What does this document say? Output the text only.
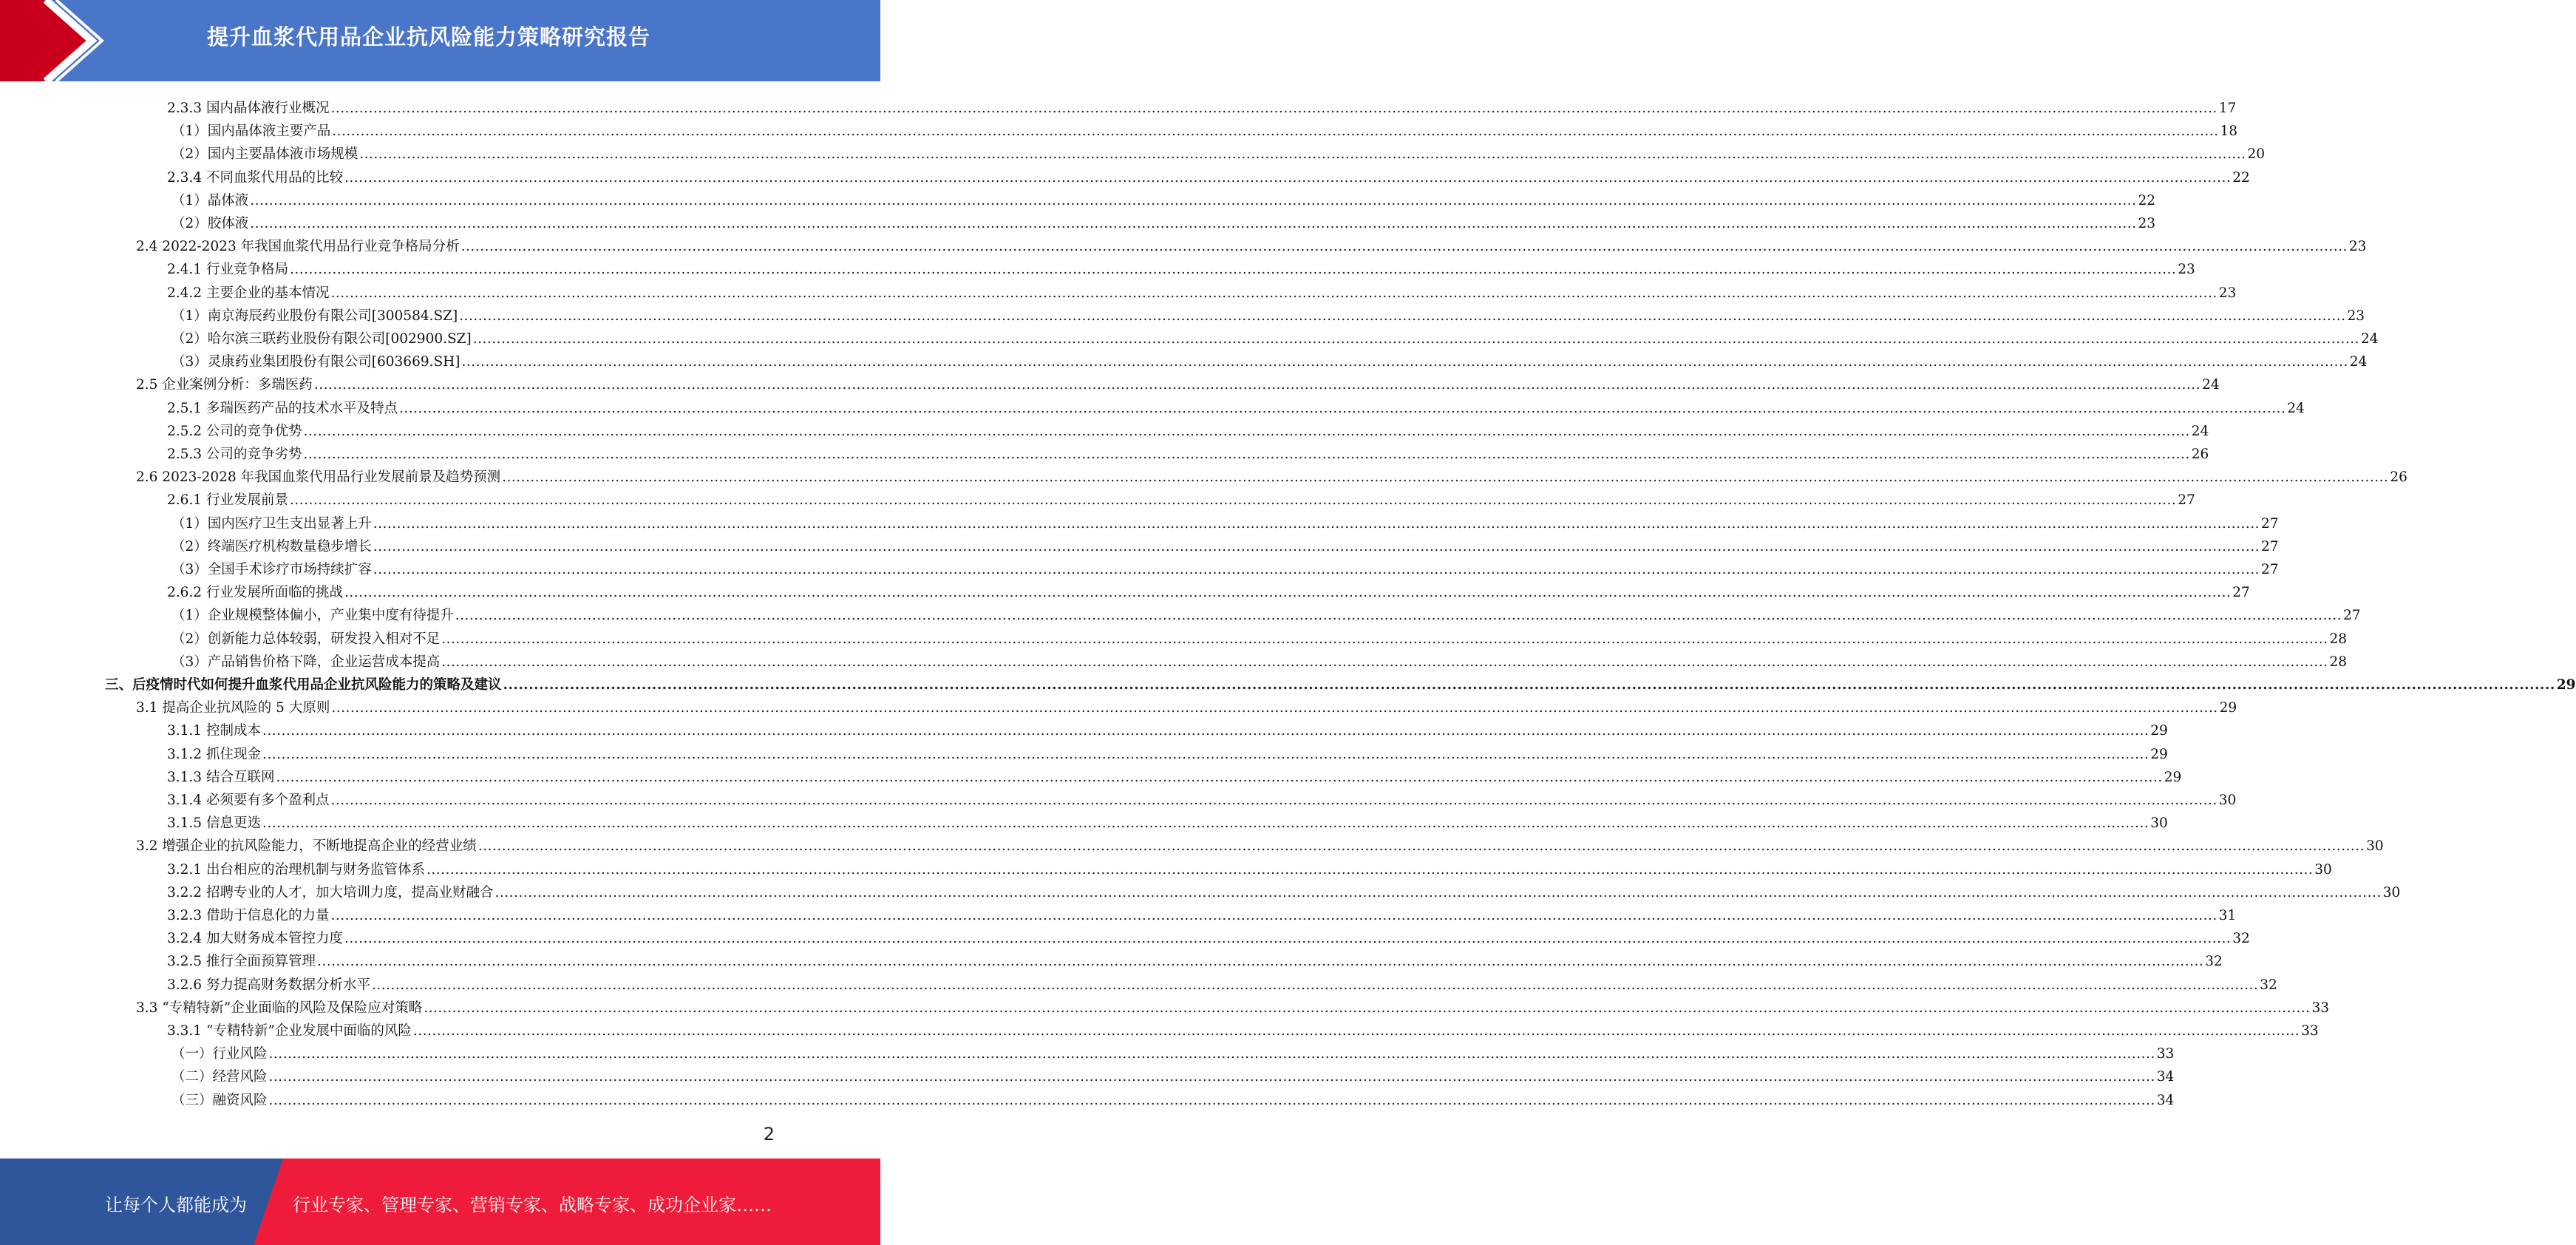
提升血浆代用品企业抗风险能力策略研究报告
2.3.3 国内晶体液行业概况 ................................................................................................................................................................................................................................................................................................................................................................................................................ 17
（1）国内晶体液主要产品 ................................................................................................................................................................................................................................................................................................................................................................................................................ 18
（2）国内主要晶体液市场规模 ................................................................................................................................................................................................................................................................................................................................................................................................................ 20
2.3.4 不同血浆代用品的比较 ................................................................................................................................................................................................................................................................................................................................................................................................................ 22
（1）晶体液 ................................................................................................................................................................................................................................................................................................................................................................................................................ 22
（2）胶体液 ................................................................................................................................................................................................................................................................................................................................................................................................................ 23
2.4 2022-2023 年我国血浆代用品行业竞争格局分析 ................................................................................................................................................................................................................................................................................................................................................................................................................ 23
2.4.1 行业竞争格局 ................................................................................................................................................................................................................................................................................................................................................................................................................ 23
2.4.2 主要企业的基本情况 ................................................................................................................................................................................................................................................................................................................................................................................................................ 23
（1）南京海辰药业股份有限公司[300584.SZ] ................................................................................................................................................................................................................................................................................................................................................................................................................ 23
（2）哈尔滨三联药业股份有限公司[002900.SZ] ................................................................................................................................................................................................................................................................................................................................................................................................................ 24
（3）灵康药业集团股份有限公司[603669.SH] ................................................................................................................................................................................................................................................................................................................................................................................................................ 24
2.5 企业案例分析：多瑞医药 ................................................................................................................................................................................................................................................................................................................................................................................................................ 24
2.5.1 多瑞医药产品的技术水平及特点 ................................................................................................................................................................................................................................................................................................................................................................................................................ 24
2.5.2 公司的竞争优势 ................................................................................................................................................................................................................................................................................................................................................................................................................ 24
2.5.3 公司的竞争劣势 ................................................................................................................................................................................................................................................................................................................................................................................................................ 26
2.6 2023-2028 年我国血浆代用品行业发展前景及趋势预测 ................................................................................................................................................................................................................................................................................................................................................................................................................ 26
2.6.1 行业发展前景 ................................................................................................................................................................................................................................................................................................................................................................................................................ 27
（1）国内医疗卫生支出显著上升 ................................................................................................................................................................................................................................................................................................................................................................................................................ 27
（2）终端医疗机构数量稳步增长 ................................................................................................................................................................................................................................................................................................................................................................................................................ 27
（3）全国手术诊疗市场持续扩容 ................................................................................................................................................................................................................................................................................................................................................................................................................ 27
2.6.2 行业发展所面临的挑战 ................................................................................................................................................................................................................................................................................................................................................................................................................ 27
（1）企业规模整体偏小，产业集中度有待提升 ................................................................................................................................................................................................................................................................................................................................................................................................................ 27
（2）创新能力总体较弱，研发投入相对不足 ................................................................................................................................................................................................................................................................................................................................................................................................................ 28
（3）产品销售价格下降，企业运营成本提高 ................................................................................................................................................................................................................................................................................................................................................................................................................ 28
三、后疫情时代如何提升血浆代用品企业抗风险能力的策略及建议 ................................................................................................................................................................................................................................................................................................................................................................................................................ 29
3.1 提高企业抗风险的 5 大原则 ................................................................................................................................................................................................................................................................................................................................................................................................................ 29
3.1.1 控制成本 ................................................................................................................................................................................................................................................................................................................................................................................................................ 29
3.1.2 抓住现金 ................................................................................................................................................................................................................................................................................................................................................................................................................ 29
3.1.3 结合互联网 ................................................................................................................................................................................................................................................................................................................................................................................................................ 29
3.1.4 必须要有多个盈利点 ................................................................................................................................................................................................................................................................................................................................................................................................................ 30
3.1.5 信息更迭 ................................................................................................................................................................................................................................................................................................................................................................................................................ 30
3.2 增强企业的抗风险能力，不断地提高企业的经营业绩 ................................................................................................................................................................................................................................................................................................................................................................................................................ 30
3.2.1 出台相应的治理机制与财务监管体系 ................................................................................................................................................................................................................................................................................................................................................................................................................ 30
3.2.2 招聘专业的人才，加大培训力度，提高业财融合 ................................................................................................................................................................................................................................................................................................................................................................................................................ 30
3.2.3 借助于信息化的力量 ................................................................................................................................................................................................................................................................................................................................................................................................................ 31
3.2.4 加大财务成本管控力度 ................................................................................................................................................................................................................................................................................................................................................................................................................ 32
3.2.5 推行全面预算管理 ................................................................................................................................................................................................................................................................................................................................................................................................................ 32
3.2.6 努力提高财务数据分析水平 ................................................................................................................................................................................................................................................................................................................................................................................................................ 32
3.3 “专精特新”企业面临的风险及保险应对策略 ................................................................................................................................................................................................................................................................................................................................................................................................................ 33
3.3.1 “专精特新”企业发展中面临的风险 ................................................................................................................................................................................................................................................................................................................................................................................................................ 33
（一）行业风险 ................................................................................................................................................................................................................................................................................................................................................................................................................ 33
（二）经营风险 ................................................................................................................................................................................................................................................................................................................................................................................................................ 34
（三）融资风险 ................................................................................................................................................................................................................................................................................................................................................................................................................ 34
2
让每个人都能成为	行业专家、管理专家、营销专家、战略专家、成功企业家……
